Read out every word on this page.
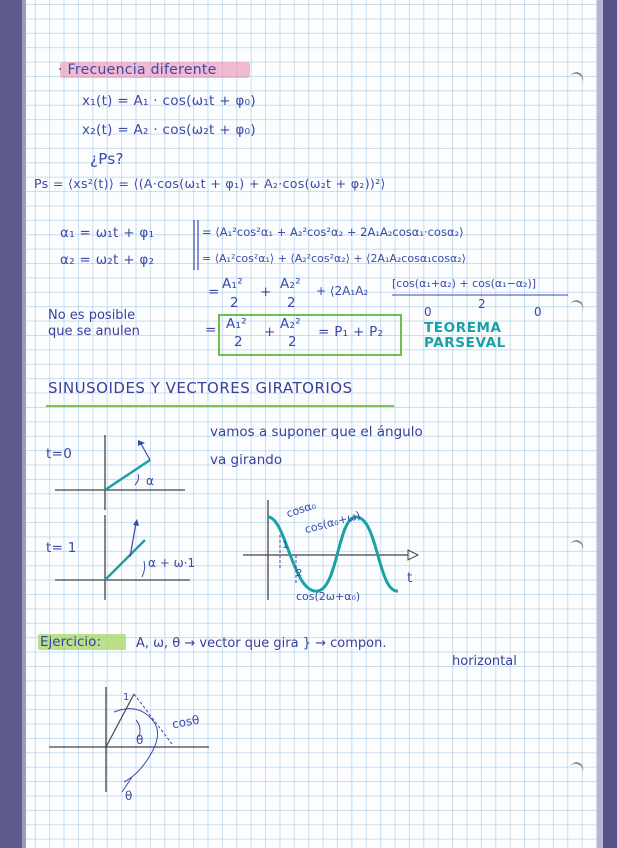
· Frecuencia diferente
x₁(t) = A₁ · cos(ω₁t + φ₀)
x₂(t) = A₂ · cos(ω₂t + φ₀)
¿Ps?
Ps = ⟨xs²(t)⟩ = ⟨(A·cos(ω₁t + φ₁) + A₂·cos(ω₂t + φ₂))²⟩
α₁ = ω₁t + φ₁
α₂ = ω₂t + φ₂
= ⟨A₁²cos²α₁ + A₂²cos²α₂ + 2A₁A₂cosα₁·cosα₂⟩
= ⟨A₁²cos²α₁⟩ + ⟨A₂²cos²α₂⟩ + ⟨2A₁A₂cosα₁cosα₂⟩
= A₁²
2
+ A₂²
2
+ ⟨2A₁A₂
[cos(α₁+α₂) + cos(α₁−α₂)]
2
0	0
No es posible
que se anulen	= A₁²
2
+ A₂²
2
= P₁ + P₂	TEOREMA
PARSEVAL
SINUSOIDES Y VECTORES GIRATORIOS
vamos a suponer que el ángulo
va girando
t=0
α
t= 1
α + ω·1
cosα₀
cos(α₀+ω)
cos(2ω+α₀)
t
1
2
Ejercicio:	A, ω, θ → vector que gira } → compon.
horizontal
θ
cosθ
1
θ
